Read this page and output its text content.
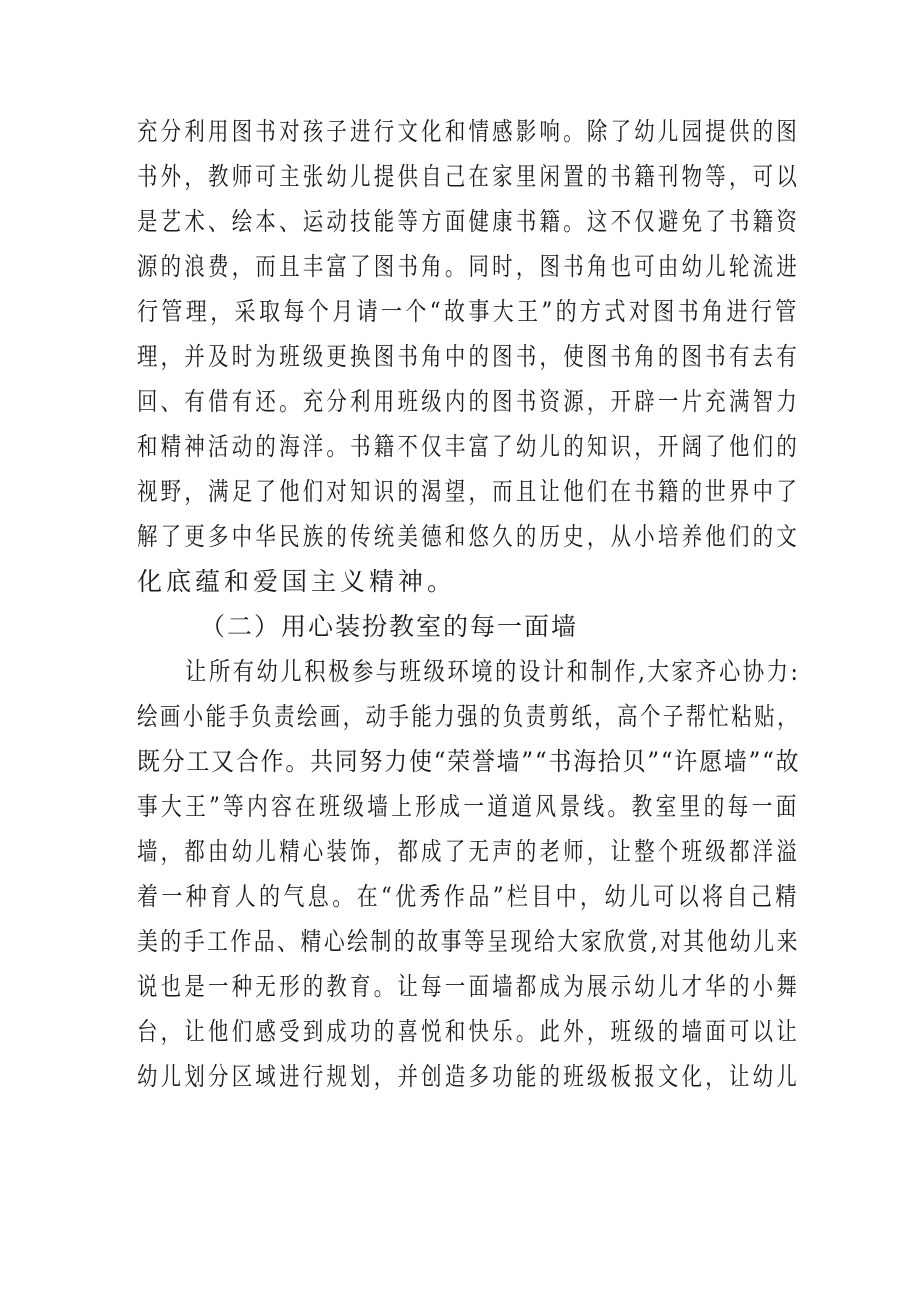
充分利用图书对孩子进行文化和情感影响。除了幼儿园提供的图
书外，教师可主张幼儿提供自己在家里闲置的书籍刊物等，可以
是艺术、绘本、运动技能等方面健康书籍。这不仅避免了书籍资
源的浪费，而且丰富了图书角。同时，图书角也可由幼儿轮流进
行管理，采取每个月请一个“故事大王”的方式对图书角进行管
理，并及时为班级更换图书角中的图书，使图书角的图书有去有
回、有借有还。充分利用班级内的图书资源，开辟一片充满智力
和精神活动的海洋。书籍不仅丰富了幼儿的知识，开阔了他们的
视野，满足了他们对知识的渴望，而且让他们在书籍的世界中了
解了更多中华民族的传统美德和悠久的历史，从小培养他们的文
化底蕴和爱国主义精神。
（二）用心装扮教室的每一面墙
让所有幼儿积极参与班级环境的设计和制作,大家齐心协力:
绘画小能手负责绘画，动手能力强的负责剪纸，高个子帮忙粘贴，
既分工又合作。共同努力使“荣誉墙”“书海拾贝”“许愿墙”“故
事大王”等内容在班级墙上形成一道道风景线。教室里的每一面
墙，都由幼儿精心装饰，都成了无声的老师，让整个班级都洋溢
着一种育人的气息。在“优秀作品”栏目中，幼儿可以将自己精
美的手工作品、精心绘制的故事等呈现给大家欣赏,对其他幼儿来
说也是一种无形的教育。让每一面墙都成为展示幼儿才华的小舞
台，让他们感受到成功的喜悦和快乐。此外，班级的墙面可以让
幼儿划分区域进行规划，并创造多功能的班级板报文化，让幼儿
